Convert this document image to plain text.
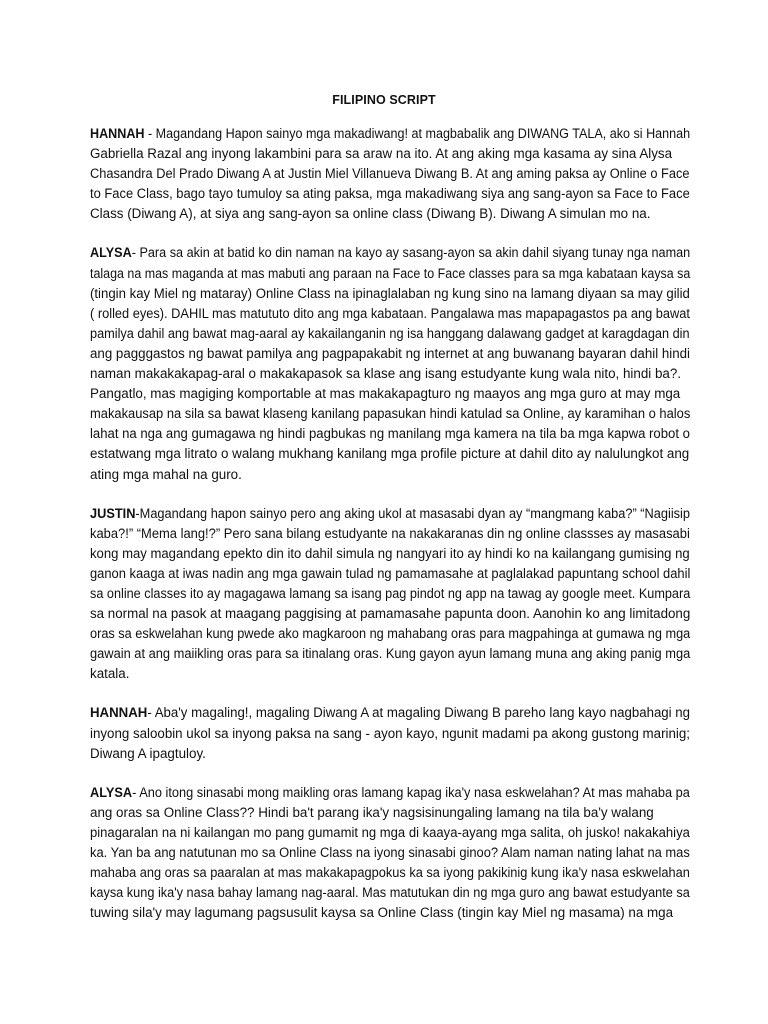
FILIPINO SCRIPT
HANNAH - Magandang Hapon sainyo mga makadiwang! at magbabalik ang DIWANG TALA, ako si Hannah
Gabriella Razal ang inyong lakambini para sa araw na ito. At ang aking mga kasama ay sina Alysa
Chasandra Del Prado Diwang A at Justin Miel Villanueva Diwang B. At ang aming paksa ay Online o Face
to Face Class, bago tayo tumuloy sa ating paksa, mga makadiwang siya ang sang-ayon sa Face to Face
Class (Diwang A), at siya ang sang-ayon sa online class (Diwang B). Diwang A simulan mo na.
ALYSA- Para sa akin at batid ko din naman na kayo ay sasang-ayon sa akin dahil siyang tunay nga naman
talaga na mas maganda at mas mabuti ang paraan na Face to Face classes para sa mga kabataan kaysa sa
(tingin kay Miel ng mataray) Online Class na ipinaglalaban ng kung sino na lamang diyaan sa may gilid
( rolled eyes). DAHIL mas matututo dito ang mga kabataan. Pangalawa mas mapapagastos pa ang bawat
pamilya dahil ang bawat mag-aaral ay kakailanganin ng isa hanggang dalawang gadget at karagdagan din
ang pagggastos ng bawat pamilya ang pagpapakabit ng internet at ang buwanang bayaran dahil hindi
naman makakakapag-aral o makakapasok sa klase ang isang estudyante kung wala nito, hindi ba?.
Pangatlo, mas magiging komportable at mas makakapagturo ng maayos ang mga guro at may mga
makakausap na sila sa bawat klaseng kanilang papasukan hindi katulad sa Online, ay karamihan o halos
lahat na nga ang gumagawa ng hindi pagbukas ng manilang mga kamera na tila ba mga kapwa robot o
estatwang mga litrato o walang mukhang kanilang mga profile picture at dahil dito ay nalulungkot ang
ating mga mahal na guro.
JUSTIN-Magandang hapon sainyo pero ang aking ukol at masasabi dyan ay “mangmang kaba?” “Nagiisip
kaba?!” “Mema lang!?” Pero sana bilang estudyante na nakakaranas din ng online classses ay masasabi
kong may magandang epekto din ito dahil simula ng nangyari ito ay hindi ko na kailangang gumising ng
ganon kaaga at iwas nadin ang mga gawain tulad ng pamamasahe at paglalakad papuntang school dahil
sa online classes ito ay magagawa lamang sa isang pag pindot ng app na tawag ay google meet. Kumpara
sa normal na pasok at maagang paggising at pamamasahe papunta doon. Aanohin ko ang limitadong
oras sa eskwelahan kung pwede ako magkaroon ng mahabang oras para magpahinga at gumawa ng mga
gawain at ang maiikling oras para sa itinalang oras. Kung gayon ayun lamang muna ang aking panig mga
katala.
HANNAH- Aba'y magaling!, magaling Diwang A at magaling Diwang B pareho lang kayo nagbahagi ng
inyong saloobin ukol sa inyong paksa na sang - ayon kayo, ngunit madami pa akong gustong marinig;
Diwang A ipagtuloy.
ALYSA- Ano itong sinasabi mong maikling oras lamang kapag ika'y nasa eskwelahan? At mas mahaba pa
ang oras sa Online Class?? Hindi ba't parang ika'y nagsisinungaling lamang na tila ba'y walang
pinagaralan na ni kailangan mo pang gumamit ng mga di kaaya-ayang mga salita, oh jusko! nakakahiya
ka. Yan ba ang natutunan mo sa Online Class na iyong sinasabi ginoo? Alam naman nating lahat na mas
mahaba ang oras sa paaralan at mas makakapagpokus ka sa iyong pakikinig kung ika'y nasa eskwelahan
kaysa kung ika'y nasa bahay lamang nag-aaral. Mas matutukan din ng mga guro ang bawat estudyante sa
tuwing sila'y may lagumang pagsusulit kaysa sa Online Class (tingin kay Miel ng masama) na mga
